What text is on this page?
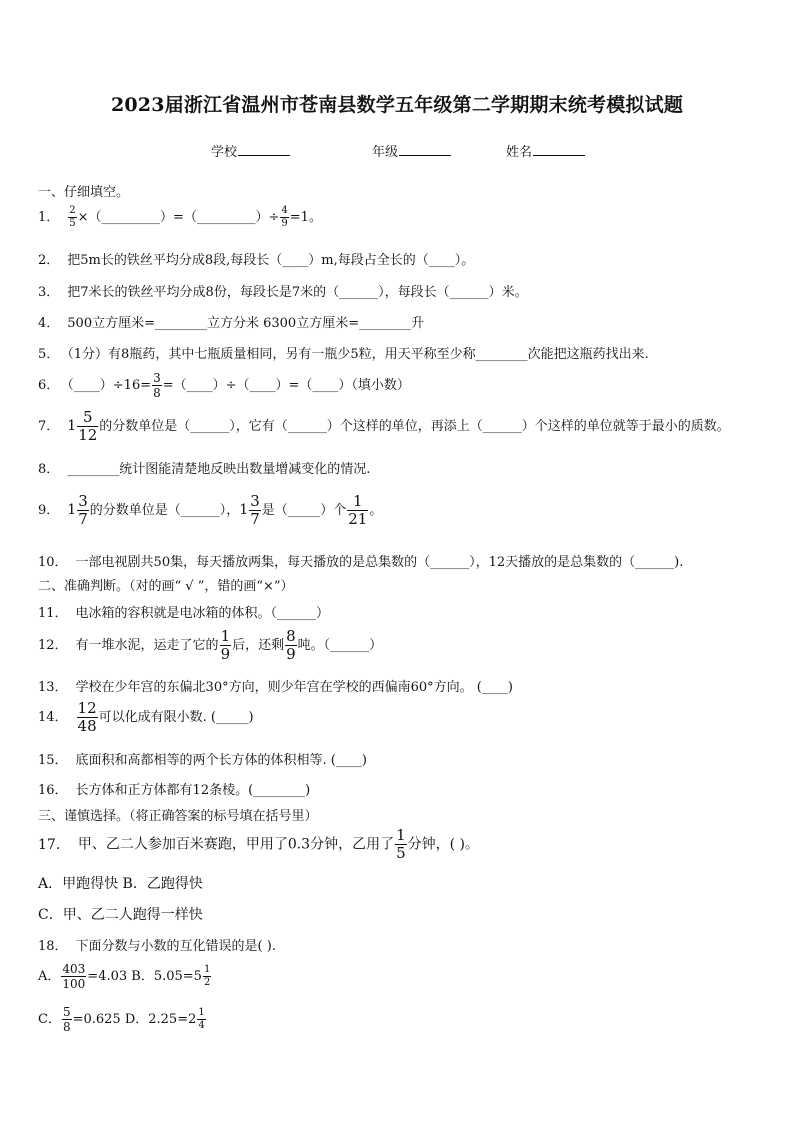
2023届浙江省温州市苍南县数学五年级第二学期期末统考模拟试题
学校	年级	姓名
一、仔细填空。
1． $\frac{2}{5}$ ×（_________）=（_________）÷ $\frac{4}{9} =1$。
2． 把5m长的铁丝平均分成8段,每段长（____）m,每段占全长的（____）。
3． 把7米长的铁丝平均分成8份，每段长是7米的（______），每段长（______）米。
4． 500立方厘米=________立方分米 6300立方厘米=________升
5． （1分）有8瓶药，其中七瓶质量相同，另有一瓶少5粒，用天平称至少称________次能把这瓶药找出来.
6． （____）÷16= $\frac{3}{8}$ =（____）÷（____）=（____）（填小数）
7． $1 \frac{5}{12}$ 的分数单位是（______），它有（______）个这样的单位，再添上（______）个这样的单位就等于最小的质数。
8． ________统计图能清楚地反映出数量增减变化的情况.
9． $1 \frac{3}{7}$ 的分数单位是（______），$1 \frac{3}{7}$ 是（_____）个 $\frac{1}{21}$ 。
10． 一部电视剧共50集，每天播放两集，每天播放的是总集数的（______），12天播放的是总集数的（______).
二、准确判断。（对的画“ √ ”，错的画“×”）
11． 电冰箱的容积就是电冰箱的体积。（______）
12． 有一堆水泥，运走了它的 $\frac{1}{9}$ 后，还剩 $\frac{8}{9}$ 吨。（______）
13． 学校在少年宫的东偏北30°方向，则少年宫在学校的西偏南60°方向。 (____)
14． $\frac{12}{48}$ 可以化成有限小数. (_____)
15． 底面积和高都相等的两个长方体的体积相等. (____)
16． 长方体和正方体都有12条棱。(________)
三、谨慎选择。（将正确答案的标号填在括号里）
17． 甲、乙二人参加百米赛跑，甲用了0.3分钟，乙用了 $\frac{1}{5}$ 分钟，( )。
A．甲跑得快 B．乙跑得快
C．甲、乙二人跑得一样快
18． 下面分数与小数的互化错误的是( ).
A． $\frac{403}{100} =4.03$ B．$5.05=5 \frac{1}{2}$
C． $\frac{5}{8} =0.625$ D．$2.25=2 \frac{1}{4}$
